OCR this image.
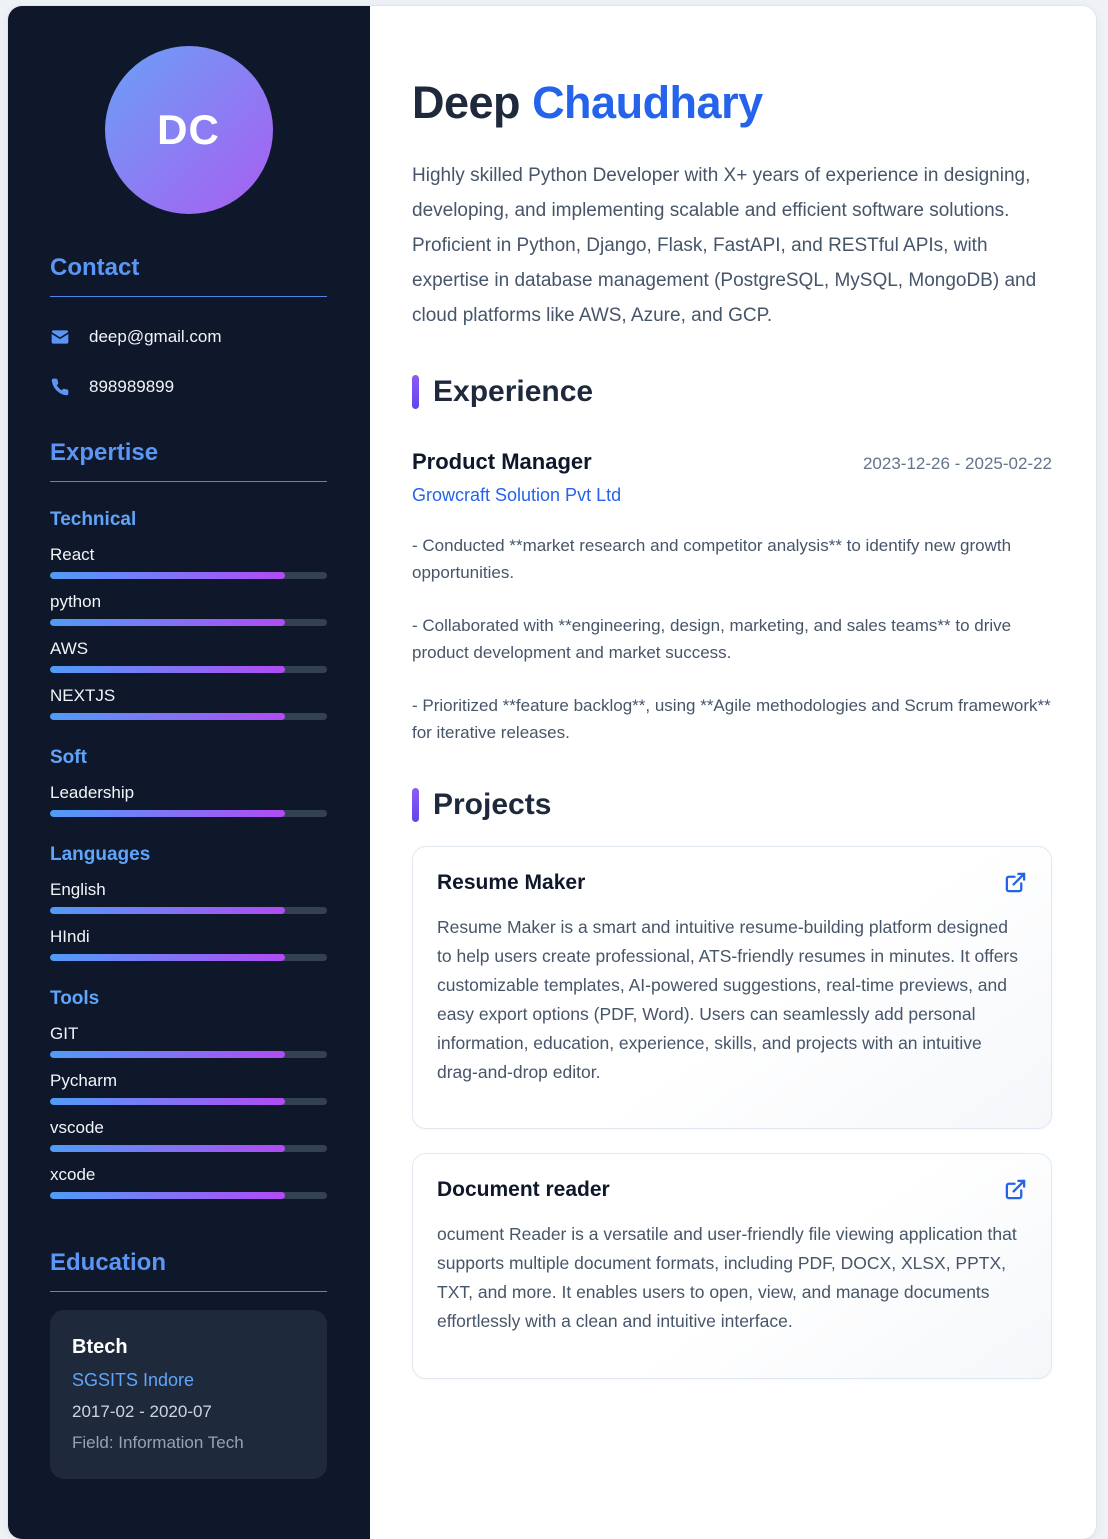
DC
Contact
deep@gmail.com
898989899
Expertise
Technical
React
python
AWS
NEXTJS
Soft
Leadership
Languages
English
HIndi
Tools
GIT
Pycharm
vscode
xcode
Education
Btech
SGSITS Indore
2017-02 - 2020-07
Field: Information Tech
Deep Chaudhary

Highly skilled Python Developer with X+ years of experience in designing, developing, and implementing scalable and efficient software solutions. Proficient in Python, Django, Flask, FastAPI, and RESTful APIs, with expertise in database management (PostgreSQL, MySQL, MongoDB) and cloud platforms like AWS, Azure, and GCP.

Experience
Product Manager	2023-12-26 - 2025-02-22
Growcraft Solution Pvt Ltd

- Conducted **market research and competitor analysis** to identify new growth opportunities.

- Collaborated with **engineering, design, marketing, and sales teams** to drive product development and market success.

- Prioritized **feature backlog**, using **Agile methodologies and Scrum framework** for iterative releases.

Projects
Resume Maker

Resume Maker is a smart and intuitive resume-building platform designed to help users create professional, ATS-friendly resumes in minutes. It offers customizable templates, AI-powered suggestions, real-time previews, and easy export options (PDF, Word). Users can seamlessly add personal information, education, experience, skills, and projects with an intuitive drag-and-drop editor.

Document reader

ocument Reader is a versatile and user-friendly file viewing application that supports multiple document formats, including PDF, DOCX, XLSX, PPTX, TXT, and more. It enables users to open, view, and manage documents effortlessly with a clean and intuitive interface.
